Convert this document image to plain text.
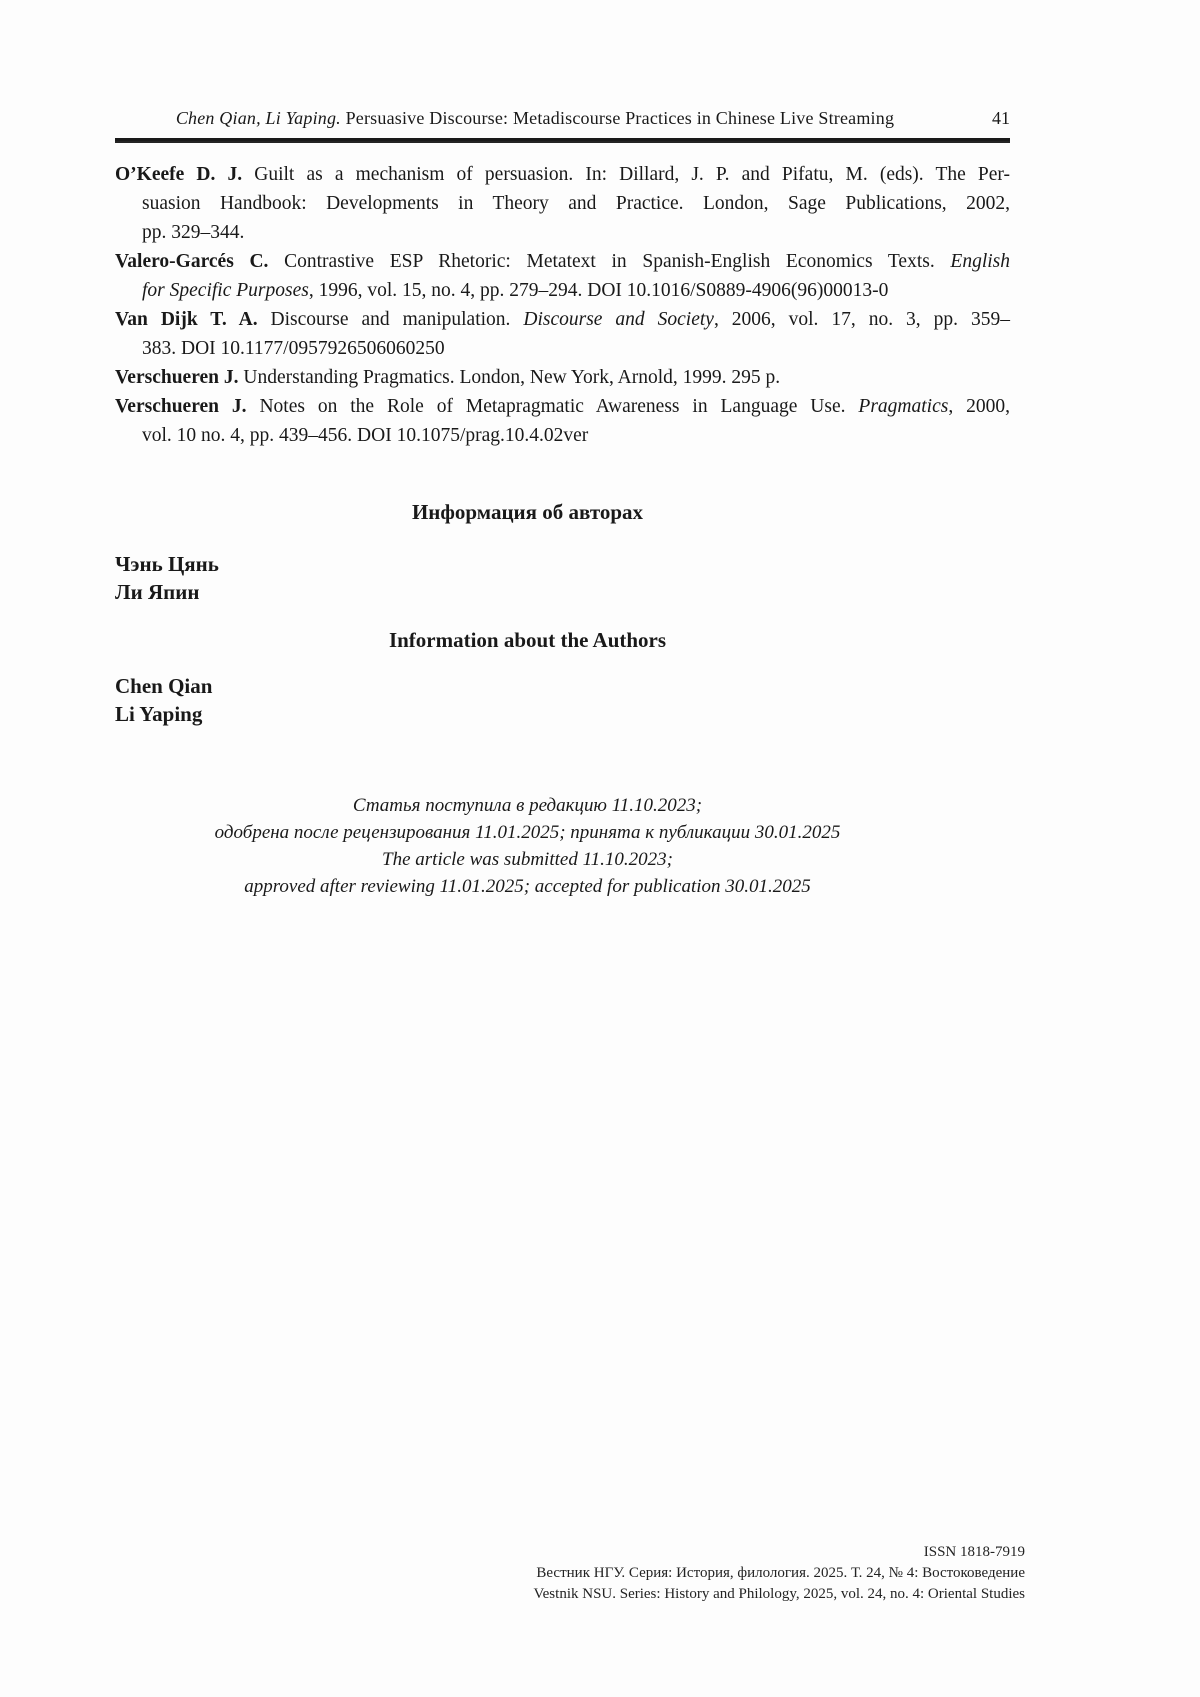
Chen Qian, Li Yaping. Persuasive Discourse: Metadiscourse Practices in Chinese Live Streaming	41
O’Keefe D. J. Guilt as a mechanism of persuasion. In: Dillard, J. P. and Pifatu, M. (eds). The Per-
suasion Handbook: Developments in Theory and Practice. London, Sage Publications, 2002,
pp. 329–344.
Valero-Garcés C. Contrastive ESP Rhetoric: Metatext in Spanish-English Economics Texts. English
for Specific Purposes, 1996, vol. 15, no. 4, pp. 279–294. DOI 10.1016/S0889-4906(96)00013-0
Van Dijk T. A. Discourse and manipulation. Discourse and Society, 2006, vol. 17, no. 3, pp. 359–
383. DOI 10.1177/0957926506060250
Verschueren J. Understanding Pragmatics. London, New York, Arnold, 1999. 295 p.
Verschueren J. Notes on the Role of Metapragmatic Awareness in Language Use. Pragmatics, 2000,
vol. 10 no. 4, pp. 439–456. DOI 10.1075/prag.10.4.02ver
Информация об авторах
Чэнь Цянь
Ли Япин
Information about the Authors
Chen Qian
Li Yaping
Статья поступила в редакцию 11.10.2023;
одобрена после рецензирования 11.01.2025; принята к публикации 30.01.2025
The article was submitted 11.10.2023;
approved after reviewing 11.01.2025; accepted for publication 30.01.2025
ISSN 1818-7919
Вестник НГУ. Серия: История, филология. 2025. Т. 24, № 4: Востоковедение
Vestnik NSU. Series: History and Philology, 2025, vol. 24, no. 4: Oriental Studies
